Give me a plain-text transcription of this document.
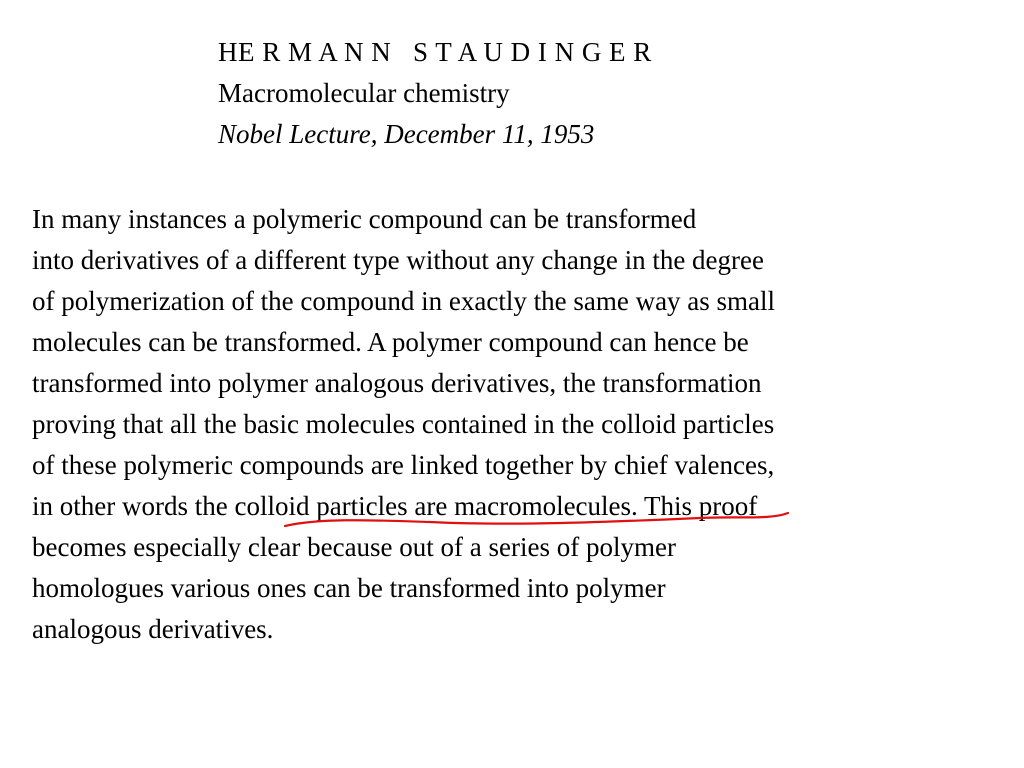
HE R M A N N   S T A U D I N G E R
Macromolecular chemistry
Nobel Lecture, December 11, 1953
In many instances a polymeric compound can be transformed
into derivatives of a different type without any change in the degree
of polymerization of the compound in exactly the same way as small
molecules can be transformed. A polymer compound can hence be
transformed into polymer analogous derivatives, the transformation
proving that all the basic molecules contained in the colloid particles
of these polymeric compounds are linked together by chief valences,
in other words the colloid particles are macromolecules. This proof
becomes especially clear because out of a series of polymer
homologues various ones can be transformed into polymer
analogous derivatives.
